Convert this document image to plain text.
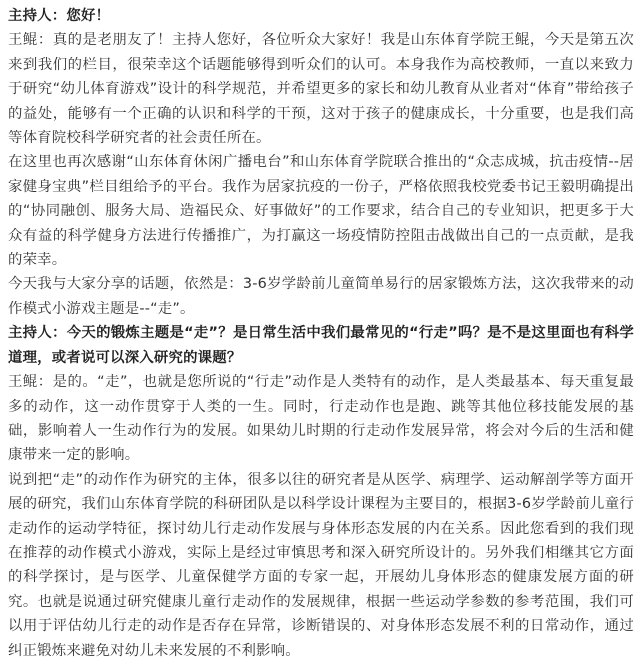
主持人：您好！

王鲲：真的是老朋友了！主持人您好，各位听众大家好！我是山东体育学院王鲲，今天是第五次来到我们的栏目，很荣幸这个话题能够得到听众们的认可。本身我作为高校教师，一直以来致力于研究“幼儿体育游戏”设计的科学规范，并希望更多的家长和幼儿教育从业者对“体育”带给孩子的益处，能够有一个正确的认识和科学的干预，这对于孩子的健康成长，十分重要，也是我们高等体育院校科学研究者的社会责任所在。

在这里也再次感谢“山东体育休闲广播电台”和山东体育学院联合推出的“众志成城，抗击疫情--居家健身宝典”栏目组给予的平台。我作为居家抗疫的一份子，严格依照我校党委书记王毅明确提出的“协同融创、服务大局、造福民众、好事做好”的工作要求，结合自己的专业知识，把更多于大众有益的科学健身方法进行传播推广，为打赢这一场疫情防控阻击战做出自己的一点贡献，是我的荣幸。

今天我与大家分享的话题，依然是：3-6岁学龄前儿童简单易行的居家锻炼方法，这次我带来的动作模式小游戏主题是--“走”。

主持人：今天的锻炼主题是“走”？是日常生活中我们最常见的“行走”吗？是不是这里面也有科学道理，或者说可以深入研究的课题？

王鲲：是的。“走”，也就是您所说的“行走”动作是人类特有的动作，是人类最基本、每天重复最多的动作，这一动作贯穿于人类的一生。同时，行走动作也是跑、跳等其他位移技能发展的基础，影响着人一生动作行为的发展。如果幼儿时期的行走动作发展异常，将会对今后的生活和健康带来一定的影响。

说到把“走”的动作作为研究的主体，很多以往的研究者是从医学、病理学、运动解剖学等方面开展的研究，我们山东体育学院的科研团队是以科学设计课程为主要目的，根据3-6岁学龄前儿童行走动作的运动学特征，探讨幼儿行走动作发展与身体形态发展的内在关系。因此您看到的我们现在推荐的动作模式小游戏，实际上是经过审慎思考和深入研究所设计的。另外我们相继其它方面的科学探讨，是与医学、儿童保健学方面的专家一起，开展幼儿身体形态的健康发展方面的研究。也就是说通过研究健康儿童行走动作的发展规律，根据一些运动学参数的参考范围，我们可以用于评估幼儿行走的动作是否存在异常，诊断错误的、对身体形态发展不利的日常动作，通过纠正锻炼来避免对幼儿未来发展的不利影响。
